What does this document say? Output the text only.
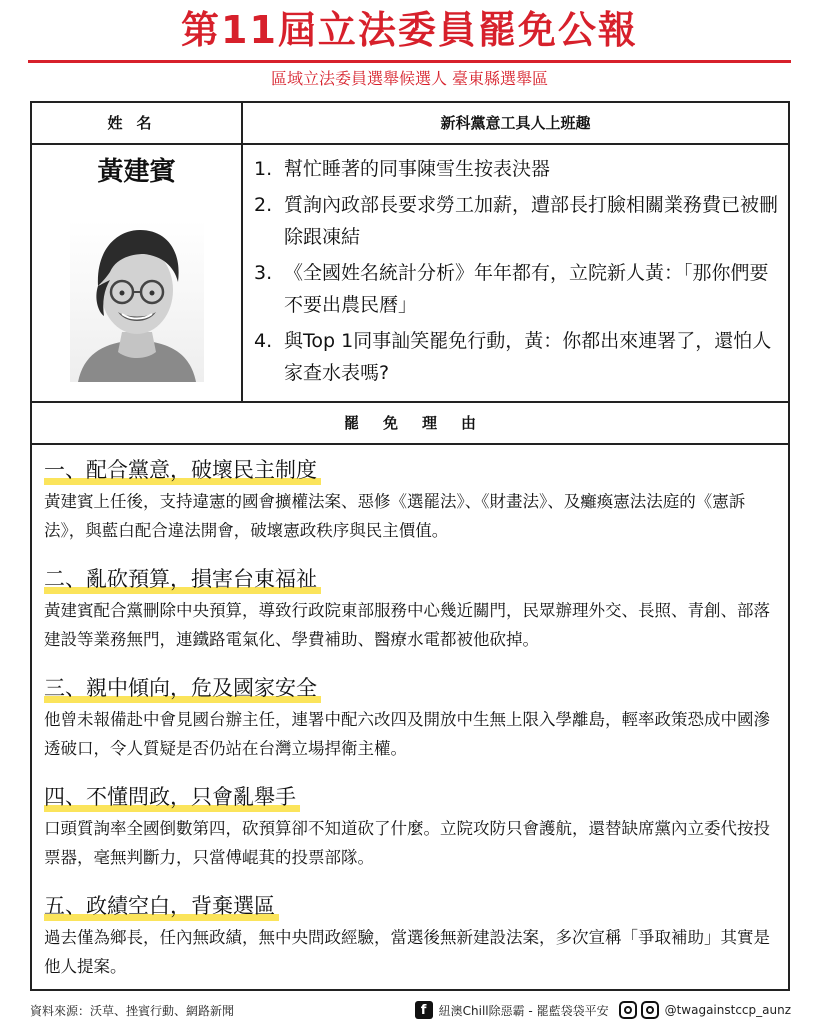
第11屆立法委員罷免公報
區域立法委員選舉候選人 臺東縣選舉區
姓名	新科黨意工具人上班趣
黃建賓	1. 幫忙睡著的同事陳雪生按表決器
2. 質詢內政部長要求勞工加薪，遭部長打臉相關業務費已被刪除跟凍結
3. 《全國姓名統計分析》年年都有，立院新人黃：「那你們要不要出農民曆」
4. 與Top 1同事訕笑罷免行動，黃：你都出來連署了，還怕人家查水表嗎?
罷免理由
一、配合黨意，破壞民主制度
黃建賓上任後，支持違憲的國會擴權法案、惡修《選罷法》、《財畫法》、及癱瘓憲法法庭的《憲訴法》，與藍白配合違法開會，破壞憲政秩序與民主價值。
二、亂砍預算，損害台東福祉
黃建賓配合黨刪除中央預算，導致行政院東部服務中心幾近關門，民眾辦理外交、長照、青創、部落建設等業務無門，連鐵路電氣化、學費補助、醫療水電都被他砍掉。
三、親中傾向，危及國家安全
他曾未報備赴中會見國台辦主任，連署中配六改四及開放中生無上限入學離島，輕率政策恐成中國滲透破口，令人質疑是否仍站在台灣立場捍衛主權。
四、不懂問政，只會亂舉手
口頭質詢率全國倒數第四，砍預算卻不知道砍了什麼。立院攻防只會護航，還替缺席黨內立委代按投票器，毫無判斷力，只當傅崐萁的投票部隊。
五、政績空白，背棄選區
過去僅為鄉長，任內無政績，無中央問政經驗，當選後無新建設法案，多次宣稱「爭取補助」其實是他人提案。
資料來源：沃草、挫賓行動、網路新聞	f	紐澳Chill除惡霸 - 罷藍袋袋平安	@twagainstccp_aunz
